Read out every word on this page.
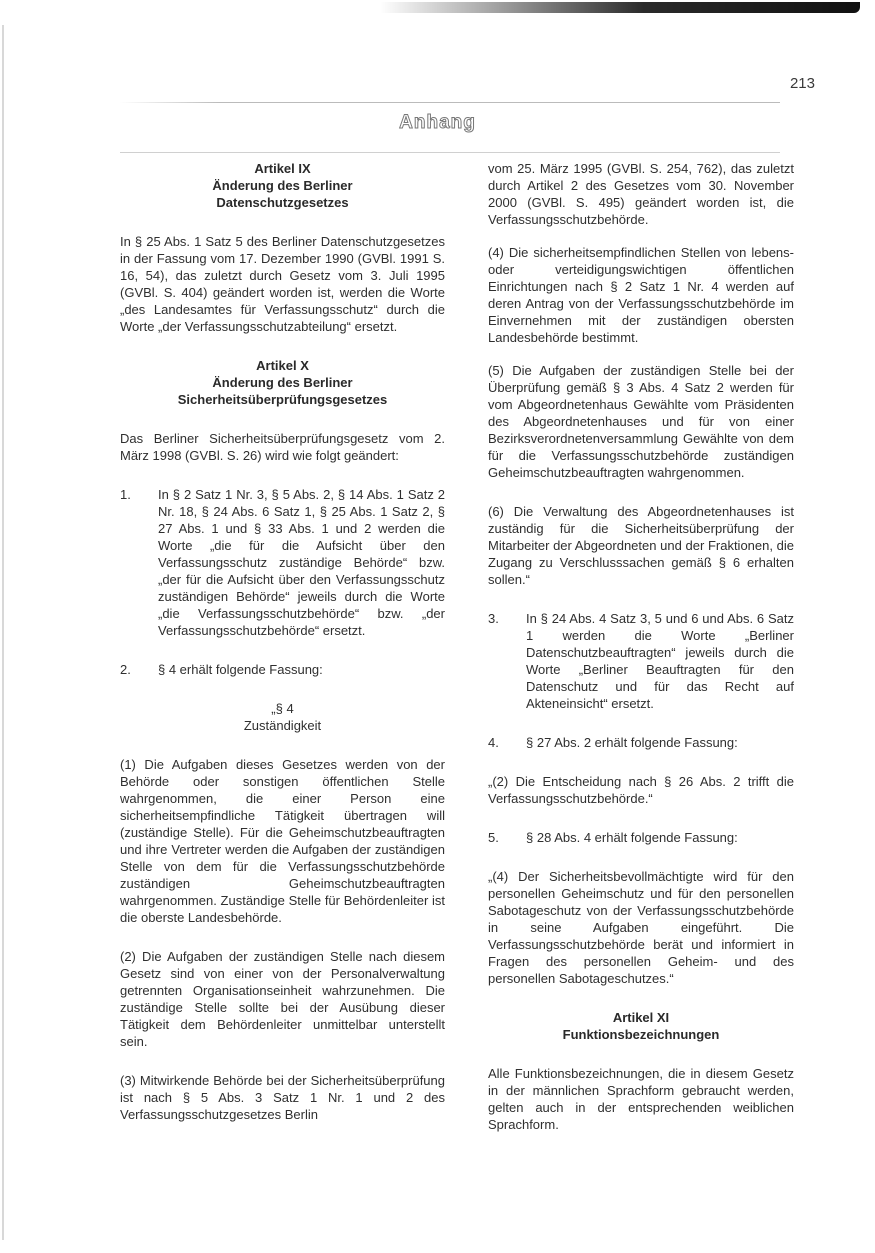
213
Anhang
Artikel IX
Änderung des Berliner
Datenschutzgesetzes

In § 25 Abs. 1 Satz 5 des Berliner Datenschutzgesetzes in der Fassung vom 17. Dezember 1990 (GVBl. 1991 S. 16, 54), das zuletzt durch Gesetz vom 3. Juli 1995 (GVBl. S. 404) geändert worden ist, werden die Worte „des Landesamtes für Verfassungsschutz“ durch die Worte „der Verfassungsschutzabteilung“ ersetzt.

Artikel X
Änderung des Berliner
Sicherheitsüberprüfungsgesetzes

Das Berliner Sicherheitsüberprüfungsgesetz vom 2. März 1998 (GVBl. S. 26) wird wie folgt geändert:

1.	In § 2 Satz 1 Nr. 3, § 5 Abs. 2, § 14 Abs. 1 Satz 2 Nr. 18, § 24 Abs. 6 Satz 1, § 25 Abs. 1 Satz 2, § 27 Abs. 1 und § 33 Abs. 1 und 2 werden die Worte „die für die Aufsicht über den Verfassungsschutz zuständige Behörde“ bzw. „der für die Aufsicht über den Verfassungsschutz zuständigen Behörde“ jeweils durch die Worte „die Verfassungsschutzbehörde“ bzw. „der Verfassungsschutzbehörde“ ersetzt.
2.	§ 4 erhält folgende Fassung:
„§ 4
Zuständigkeit

(1) Die Aufgaben dieses Gesetzes werden von der Behörde oder sonstigen öffentlichen Stelle wahrgenommen, die einer Person eine sicherheitsempfindliche Tätigkeit übertragen will (zuständige Stelle). Für die Geheimschutzbeauftragten und ihre Vertreter werden die Aufgaben der zuständigen Stelle von dem für die Verfassungsschutzbehörde zuständigen Geheimschutzbeauftragten wahrgenommen. Zuständige Stelle für Behördenleiter ist die oberste Landesbehörde.

(2) Die Aufgaben der zuständigen Stelle nach diesem Gesetz sind von einer von der Personalverwaltung getrennten Organisationseinheit wahrzunehmen. Die zuständige Stelle sollte bei der Ausübung dieser Tätigkeit dem Behördenleiter unmittelbar unterstellt sein.

(3) Mitwirkende Behörde bei der Sicherheitsüberprüfung ist nach § 5 Abs. 3 Satz 1 Nr. 1 und 2 des Verfassungsschutzgesetzes Berlin

vom 25. März 1995 (GVBl. S. 254, 762), das zuletzt durch Artikel 2 des Gesetzes vom 30. November 2000 (GVBl. S. 495) geändert worden ist, die Verfassungsschutzbehörde.

(4) Die sicherheitsempfindlichen Stellen von lebens- oder verteidigungswichtigen öffentlichen Einrichtungen nach § 2 Satz 1 Nr. 4 werden auf deren Antrag von der Verfassungsschutzbehörde im Einvernehmen mit der zuständigen obersten Landesbehörde bestimmt.

(5) Die Aufgaben der zuständigen Stelle bei der Überprüfung gemäß § 3 Abs. 4 Satz 2 werden für vom Abgeordnetenhaus Gewählte vom Präsidenten des Abgeordnetenhauses und für von einer Bezirksverordnetenversammlung Gewählte von dem für die Verfassungsschutzbehörde zuständigen Geheimschutzbeauftragten wahrgenommen.

(6) Die Verwaltung des Abgeordnetenhauses ist zuständig für die Sicherheitsüberprüfung der Mitarbeiter der Abgeordneten und der Fraktionen, die Zugang zu Verschlusssachen gemäß § 6 erhalten sollen.“

3.	In § 24 Abs. 4 Satz 3, 5 und 6 und Abs. 6 Satz 1 werden die Worte „Berliner Datenschutzbeauftragten“ jeweils durch die Worte „Berliner Beauftragten für den Datenschutz und für das Recht auf Akteneinsicht“ ersetzt.
4.	§ 27 Abs. 2 erhält folgende Fassung:

„(2) Die Entscheidung nach § 26 Abs. 2 trifft die Verfassungsschutzbehörde.“

5.	§ 28 Abs. 4 erhält folgende Fassung:

„(4) Der Sicherheitsbevollmächtigte wird für den personellen Geheimschutz und für den personellen Sabotageschutz von der Verfassungsschutzbehörde in seine Aufgaben eingeführt. Die Verfassungsschutzbehörde berät und informiert in Fragen des personellen Geheim- und des personellen Sabotageschutzes.“

Artikel XI
Funktionsbezeichnungen

Alle Funktionsbezeichnungen, die in diesem Gesetz in der männlichen Sprachform gebraucht werden, gelten auch in der entsprechenden weiblichen Sprachform.
